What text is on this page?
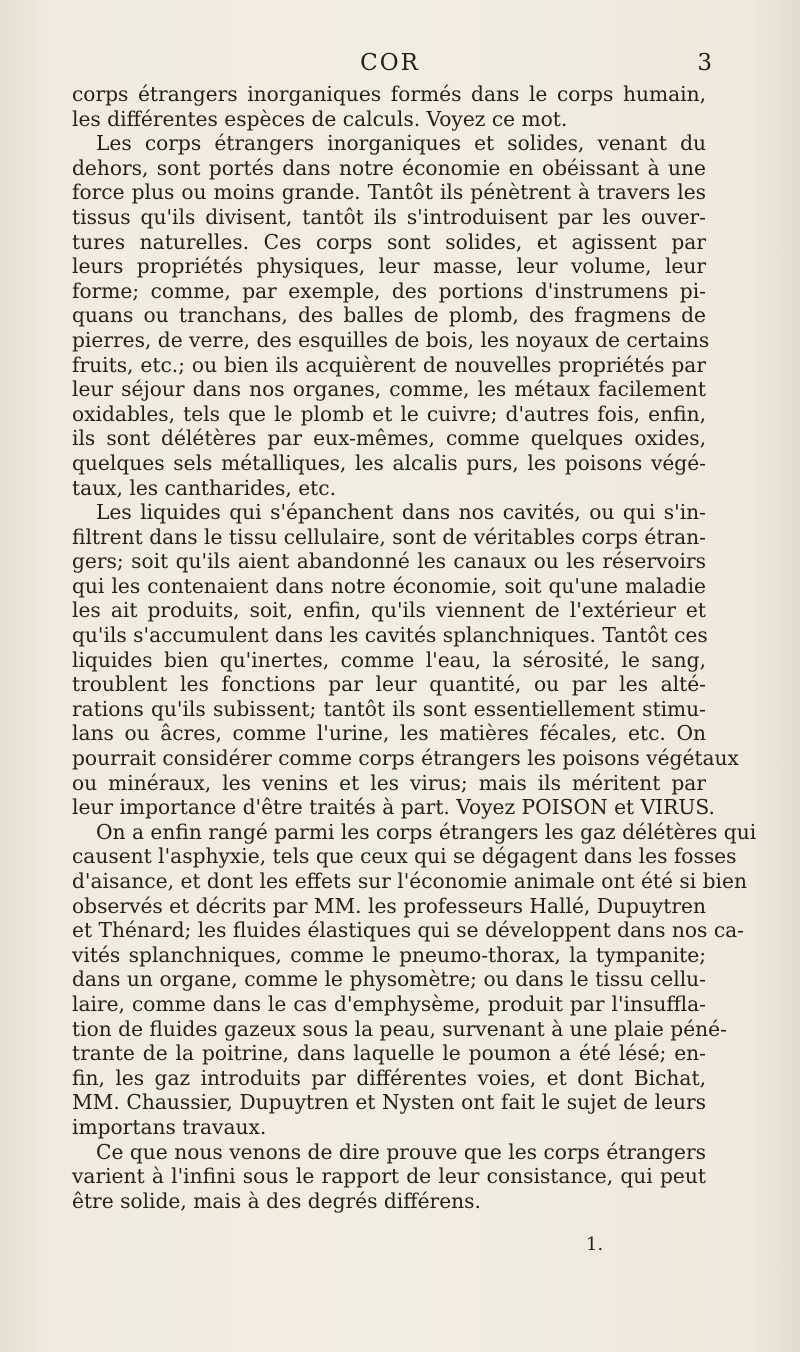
COR	3
corps étrangers inorganiques formés dans le corps humain,
les différentes espèces de calculs. Voyez ce mot.
Les corps étrangers inorganiques et solides, venant du
dehors, sont portés dans notre économie en obéissant à une
force plus ou moins grande. Tantôt ils pénètrent à travers les
tissus qu'ils divisent, tantôt ils s'introduisent par les ouver-
tures naturelles. Ces corps sont solides, et agissent par
leurs propriétés physiques, leur masse, leur volume, leur
forme; comme, par exemple, des portions d'instrumens pi-
quans ou tranchans, des balles de plomb, des fragmens de
pierres, de verre, des esquilles de bois, les noyaux de certains
fruits, etc.; ou bien ils acquièrent de nouvelles propriétés par
leur séjour dans nos organes, comme, les métaux facilement
oxidables, tels que le plomb et le cuivre; d'autres fois, enfin,
ils sont délétères par eux-mêmes, comme quelques oxides,
quelques sels métalliques, les alcalis purs, les poisons végé-
taux, les cantharides, etc.
Les liquides qui s'épanchent dans nos cavités, ou qui s'in-
filtrent dans le tissu cellulaire, sont de véritables corps étran-
gers; soit qu'ils aient abandonné les canaux ou les réservoirs
qui les contenaient dans notre économie, soit qu'une maladie
les ait produits, soit, enfin, qu'ils viennent de l'extérieur et
qu'ils s'accumulent dans les cavités splanchniques. Tantôt ces
liquides bien qu'inertes, comme l'eau, la sérosité, le sang,
troublent les fonctions par leur quantité, ou par les alté-
rations qu'ils subissent; tantôt ils sont essentiellement stimu-
lans ou âcres, comme l'urine, les matières fécales, etc. On
pourrait considérer comme corps étrangers les poisons végétaux
ou minéraux, les venins et les virus; mais ils méritent par
leur importance d'être traités à part. Voyez POISON et VIRUS.
On a enfin rangé parmi les corps étrangers les gaz délétères qui
causent l'asphyxie, tels que ceux qui se dégagent dans les fosses
d'aisance, et dont les effets sur l'économie animale ont été si bien
observés et décrits par MM. les professeurs Hallé, Dupuytren
et Thénard; les fluides élastiques qui se développent dans nos ca-
vités splanchniques, comme le pneumo-thorax, la tympanite;
dans un organe, comme le physomètre; ou dans le tissu cellu-
laire, comme dans le cas d'emphysème, produit par l'insuffla-
tion de fluides gazeux sous la peau, survenant à une plaie péné-
trante de la poitrine, dans laquelle le poumon a été lésé; en-
fin, les gaz introduits par différentes voies, et dont Bichat,
MM. Chaussier, Dupuytren et Nysten ont fait le sujet de leurs
importans travaux.
Ce que nous venons de dire prouve que les corps étrangers
varient à l'infini sous le rapport de leur consistance, qui peut
être solide, mais à des degrés différens.
1.
